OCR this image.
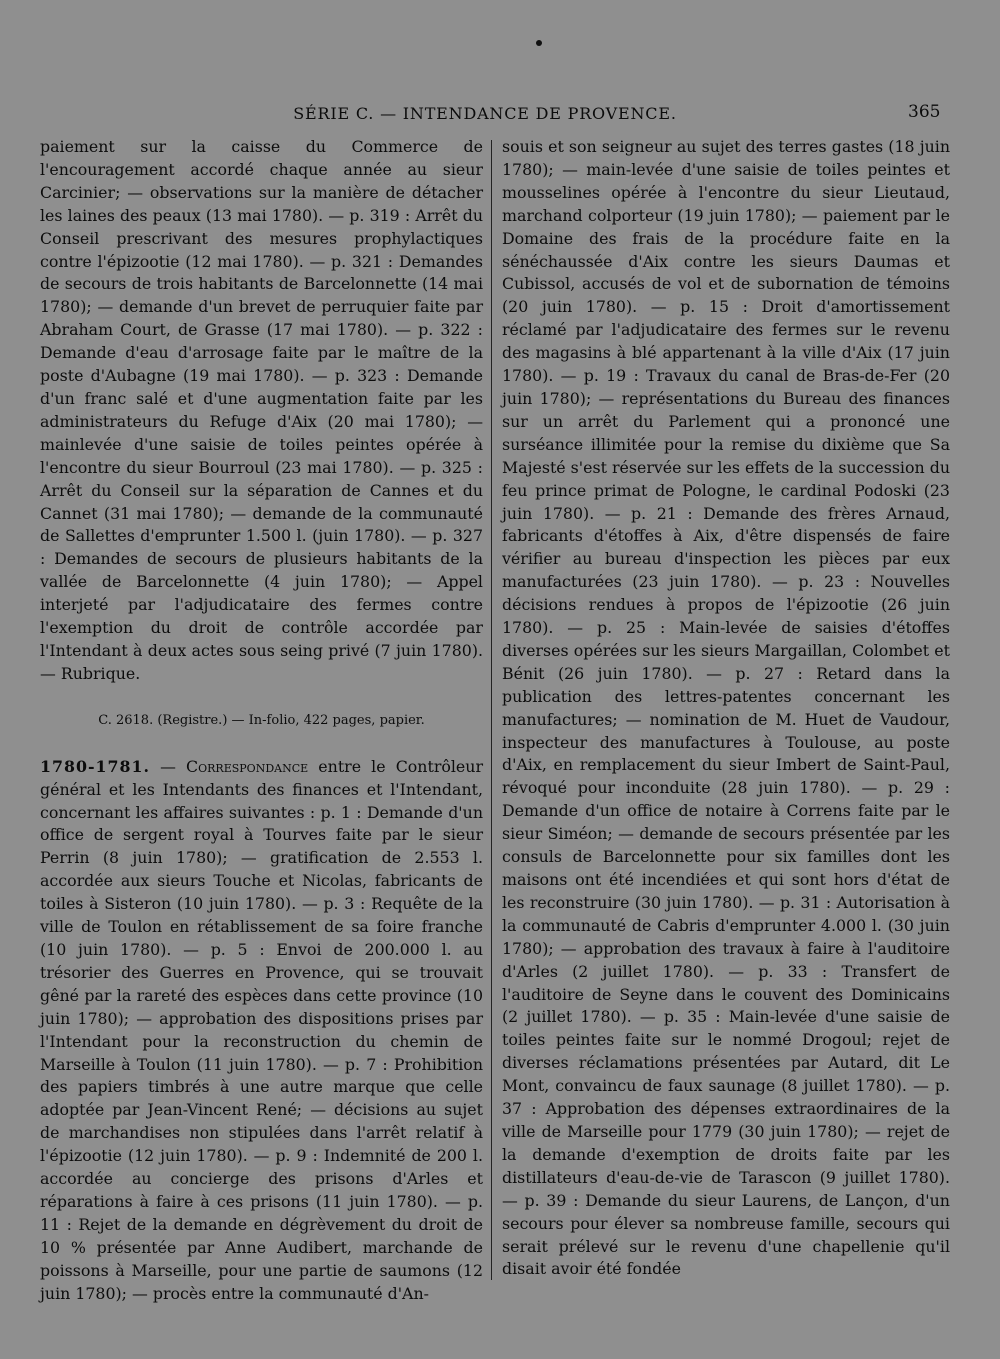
SÉRIE C. — INTENDANCE DE PROVENCE.	365

paiement sur la caisse du Commerce de l'encouragement accordé chaque année au sieur Carcinier; — observations sur la manière de détacher les laines des peaux (13 mai 1780). — p. 319 : Arrêt du Conseil prescrivant des mesures prophylactiques contre l'épizootie (12 mai 1780). — p. 321 : Demandes de secours de trois habitants de Barcelonnette (14 mai 1780); — demande d'un brevet de perruquier faite par Abraham Court, de Grasse (17 mai 1780). — p. 322 : Demande d'eau d'arrosage faite par le maître de la poste d'Aubagne (19 mai 1780). — p. 323 : Demande d'un franc salé et d'une augmentation faite par les administrateurs du Refuge d'Aix (20 mai 1780); — mainlevée d'une saisie de toiles peintes opérée à l'encontre du sieur Bourroul (23 mai 1780). — p. 325 : Arrêt du Conseil sur la séparation de Cannes et du Cannet (31 mai 1780); — demande de la communauté de Sallettes d'emprunter 1.500 l. (juin 1780). — p. 327 : Demandes de secours de plusieurs habitants de la vallée de Barcelonnette (4 juin 1780); — Appel interjeté par l'adjudicataire des fermes contre l'exemption du droit de contrôle accordée par l'Intendant à deux actes sous seing privé (7 juin 1780). — Rubrique.

C. 2618. (Registre.) — In-folio, 422 pages, papier.

1780-1781. — Correspondance entre le Contrôleur général et les Intendants des finances et l'Intendant, concernant les affaires suivantes : p. 1 : Demande d'un office de sergent royal à Tourves faite par le sieur Perrin (8 juin 1780); — gratification de 2.553 l. accordée aux sieurs Touche et Nicolas, fabricants de toiles à Sisteron (10 juin 1780). — p. 3 : Requête de la ville de Toulon en rétablissement de sa foire franche (10 juin 1780). — p. 5 : Envoi de 200.000 l. au trésorier des Guerres en Provence, qui se trouvait gêné par la rareté des espèces dans cette province (10 juin 1780); — approbation des dispositions prises par l'Intendant pour la reconstruction du chemin de Marseille à Toulon (11 juin 1780). — p. 7 : Prohibition des papiers timbrés à une autre marque que celle adoptée par Jean-Vincent René; — décisions au sujet de marchandises non stipulées dans l'arrêt relatif à l'épizootie (12 juin 1780). — p. 9 : Indemnité de 200 l. accordée au concierge des prisons d'Arles et réparations à faire à ces prisons (11 juin 1780). — p. 11 : Rejet de la demande en dégrèvement du droit de 10 % présentée par Anne Audibert, marchande de poissons à Marseille, pour une partie de saumons (12 juin 1780); — procès entre la communauté d'An-

souis et son seigneur au sujet des terres gastes (18 juin 1780); — main-levée d'une saisie de toiles peintes et mousselines opérée à l'encontre du sieur Lieutaud, marchand colporteur (19 juin 1780); — paiement par le Domaine des frais de la procédure faite en la sénéchaussée d'Aix contre les sieurs Daumas et Cubissol, accusés de vol et de subornation de témoins (20 juin 1780). — p. 15 : Droit d'amortissement réclamé par l'adjudicataire des fermes sur le revenu des magasins à blé appartenant à la ville d'Aix (17 juin 1780). — p. 19 : Travaux du canal de Bras-de-Fer (20 juin 1780); — représentations du Bureau des finances sur un arrêt du Parlement qui a prononcé une surséance illimitée pour la remise du dixième que Sa Majesté s'est réservée sur les effets de la succession du feu prince primat de Pologne, le cardinal Podoski (23 juin 1780). — p. 21 : Demande des frères Arnaud, fabricants d'étoffes à Aix, d'être dispensés de faire vérifier au bureau d'inspection les pièces par eux manufacturées (23 juin 1780). — p. 23 : Nouvelles décisions rendues à propos de l'épizootie (26 juin 1780). — p. 25 : Main-levée de saisies d'étoffes diverses opérées sur les sieurs Margaillan, Colombet et Bénit (26 juin 1780). — p. 27 : Retard dans la publication des lettres-patentes concernant les manufactures; — nomination de M. Huet de Vaudour, inspecteur des manufactures à Toulouse, au poste d'Aix, en remplacement du sieur Imbert de Saint-Paul, révoqué pour inconduite (28 juin 1780). — p. 29 : Demande d'un office de notaire à Correns faite par le sieur Siméon; — demande de secours présentée par les consuls de Barcelonnette pour six familles dont les maisons ont été incendiées et qui sont hors d'état de les reconstruire (30 juin 1780). — p. 31 : Autorisation à la communauté de Cabris d'emprunter 4.000 l. (30 juin 1780); — approbation des travaux à faire à l'auditoire d'Arles (2 juillet 1780). — p. 33 : Transfert de l'auditoire de Seyne dans le couvent des Dominicains (2 juillet 1780). — p. 35 : Main-levée d'une saisie de toiles peintes faite sur le nommé Drogoul; rejet de diverses réclamations présentées par Autard, dit Le Mont, convaincu de faux saunage (8 juillet 1780). — p. 37 : Approbation des dépenses extraordinaires de la ville de Marseille pour 1779 (30 juin 1780); — rejet de la demande d'exemption de droits faite par les distillateurs d'eau-de-vie de Tarascon (9 juillet 1780). — p. 39 : Demande du sieur Laurens, de Lançon, d'un secours pour élever sa nombreuse famille, secours qui serait prélevé sur le revenu d'une chapellenie qu'il disait avoir été fondée
